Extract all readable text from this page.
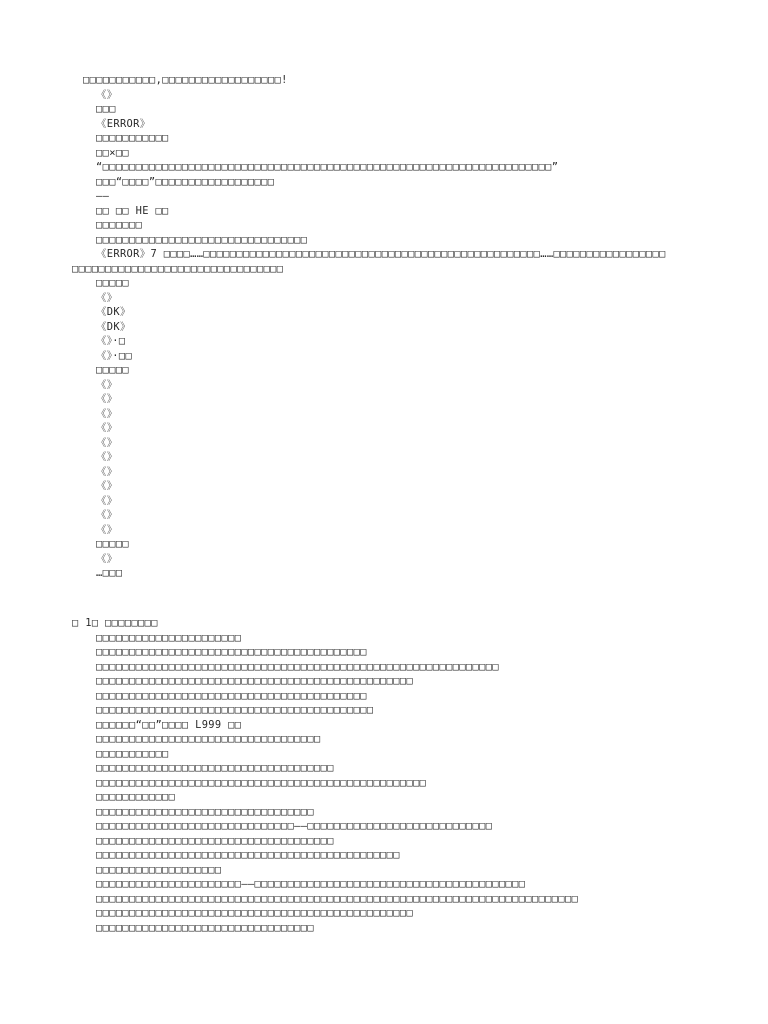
□□□□□□□□□□□,□□□□□□□□□□□□□□□□□□!
《》
□□□
《ERROR》
□□□□□□□□□□□
□□×□□
“□□□□□□□□□□□□□□□□□□□□□□□□□□□□□□□□□□□□□□□□□□□□□□□□□□□□□□□□□□□□□□□□□□□□”
□□□“□□□□”□□□□□□□□□□□□□□□□□□
——
□□ □□ HE □□
□□□□□□□
□□□□□□□□□□□□□□□□□□□□□□□□□□□□□□□□
《ERROR》7 □□□□……□□□□□□□□□□□□□□□□□□□□□□□□□□□□□□□□□□□□□□□□□□□□□□□□□□□……□□□□□□□□□□□□□□□□□
□□□□□□□□□□□□□□□□□□□□□□□□□□□□□□□□
□□□□□
《》
《DK》
《DK》
《》·□
《》·□□
□□□□□
《》
《》
《》
《》
《》
《》
《》
《》
《》
《》
《》
□□□□□
《》
…□□□
□ 1□ □□□□□□□□
□□□□□□□□□□□□□□□□□□□□□□
□□□□□□□□□□□□□□□□□□□□□□□□□□□□□□□□□□□□□□□□□
□□□□□□□□□□□□□□□□□□□□□□□□□□□□□□□□□□□□□□□□□□□□□□□□□□□□□□□□□□□□□
□□□□□□□□□□□□□□□□□□□□□□□□□□□□□□□□□□□□□□□□□□□□□□□□
□□□□□□□□□□□□□□□□□□□□□□□□□□□□□□□□□□□□□□□□□
□□□□□□□□□□□□□□□□□□□□□□□□□□□□□□□□□□□□□□□□□□
□□□□□□“□□”□□□□ L999 □□
□□□□□□□□□□□□□□□□□□□□□□□□□□□□□□□□□□
□□□□□□□□□□□
□□□□□□□□□□□□□□□□□□□□□□□□□□□□□□□□□□□□
□□□□□□□□□□□□□□□□□□□□□□□□□□□□□□□□□□□□□□□□□□□□□□□□□□
□□□□□□□□□□□□
□□□□□□□□□□□□□□□□□□□□□□□□□□□□□□□□□
□□□□□□□□□□□□□□□□□□□□□□□□□□□□□□——□□□□□□□□□□□□□□□□□□□□□□□□□□□□
□□□□□□□□□□□□□□□□□□□□□□□□□□□□□□□□□□□□
□□□□□□□□□□□□□□□□□□□□□□□□□□□□□□□□□□□□□□□□□□□□□□
□□□□□□□□□□□□□□□□□□□
□□□□□□□□□□□□□□□□□□□□□□——□□□□□□□□□□□□□□□□□□□□□□□□□□□□□□□□□□□□□□□□□
□□□□□□□□□□□□□□□□□□□□□□□□□□□□□□□□□□□□□□□□□□□□□□□□□□□□□□□□□□□□□□□□□□□□□□□□□
□□□□□□□□□□□□□□□□□□□□□□□□□□□□□□□□□□□□□□□□□□□□□□□□
□□□□□□□□□□□□□□□□□□□□□□□□□□□□□□□□□
